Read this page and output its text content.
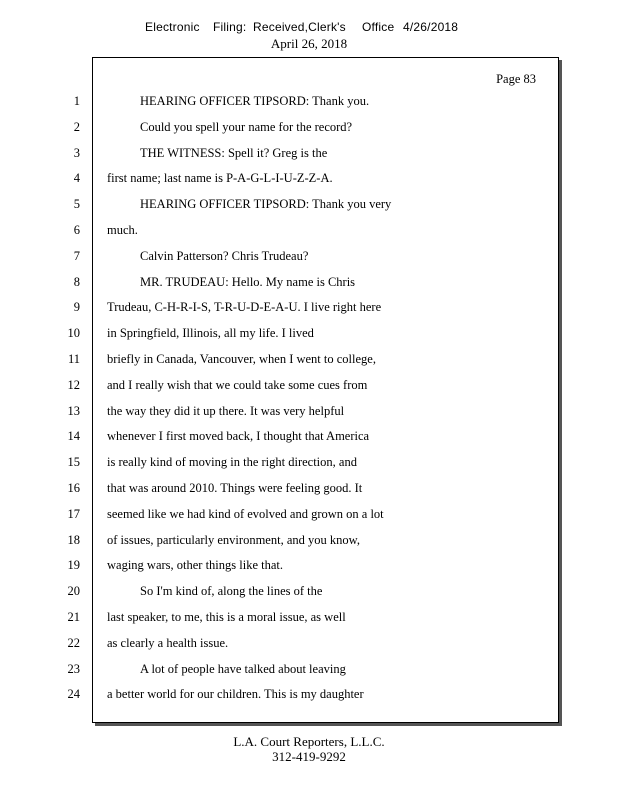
Electronic Filing: Received,Clerk's Office 4/26/2018
April 26, 2018
Page 83
1	HEARING OFFICER TIPSORD: Thank you.
2	Could you spell your name for the record?
3	THE WITNESS: Spell it? Greg is the
4 first name; last name is P-A-G-L-I-U-Z-Z-A.
5	HEARING OFFICER TIPSORD: Thank you very
6 much.
7	Calvin Patterson? Chris Trudeau?
8	MR. TRUDEAU: Hello. My name is Chris
9 Trudeau, C-H-R-I-S, T-R-U-D-E-A-U. I live right here
10 in Springfield, Illinois, all my life. I lived
11 briefly in Canada, Vancouver, when I went to college,
12 and I really wish that we could take some cues from
13 the way they did it up there. It was very helpful
14 whenever I first moved back, I thought that America
15 is really kind of moving in the right direction, and
16 that was around 2010. Things were feeling good. It
17 seemed like we had kind of evolved and grown on a lot
18 of issues, particularly environment, and you know,
19 waging wars, other things like that.
20	So I'm kind of, along the lines of the
21 last speaker, to me, this is a moral issue, as well
22 as clearly a health issue.
23	A lot of people have talked about leaving
24 a better world for our children. This is my daughter
L.A. Court Reporters, L.L.C.
312-419-9292
